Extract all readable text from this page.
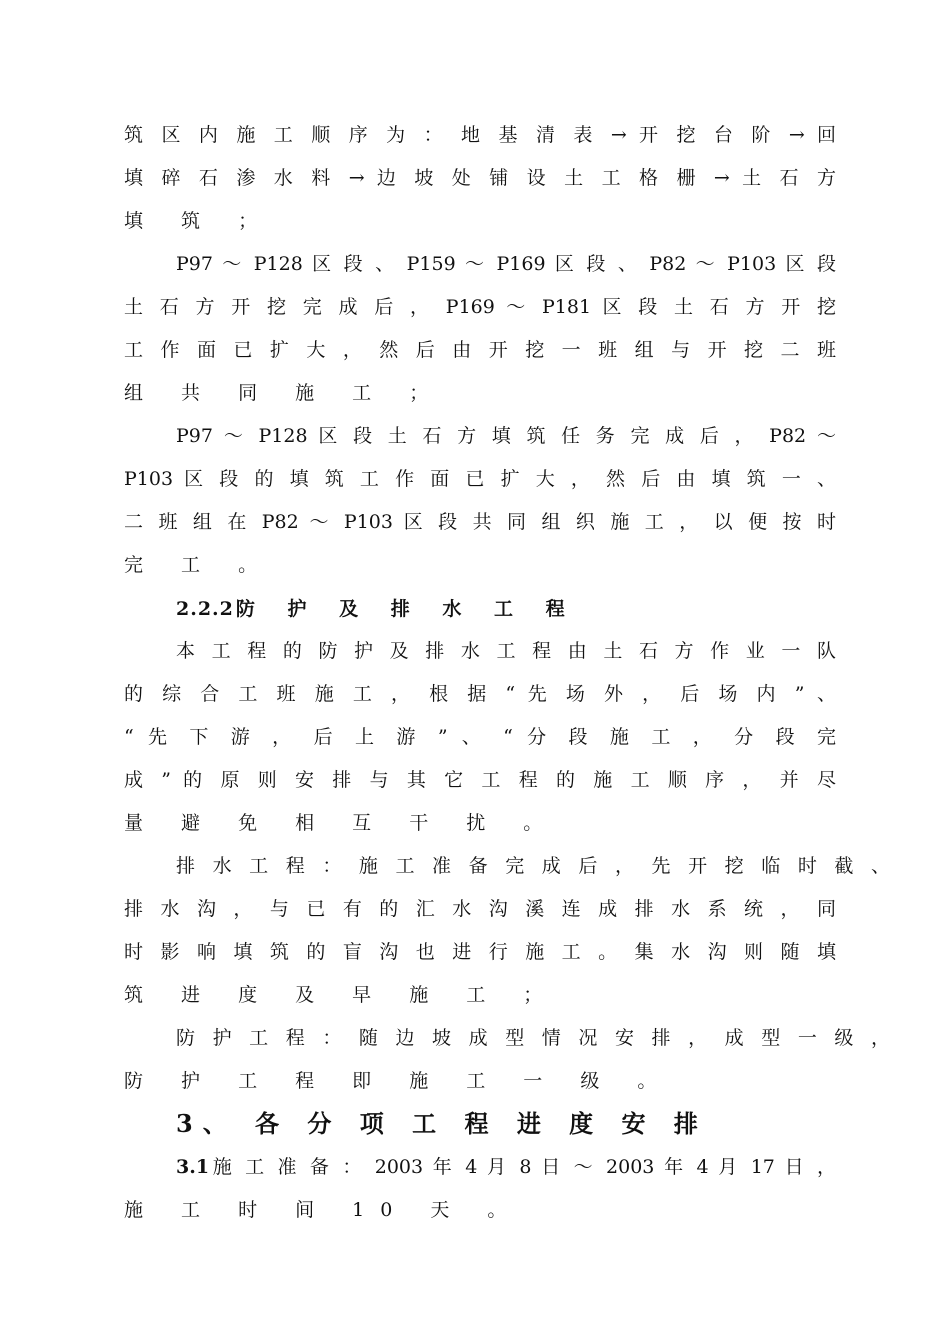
筑 区 内 施 工 顺 序 为 ： 地 基 清 表 → 开 挖 台 阶 → 回
填 碎 石 渗 水 料 → 边 坡 处 铺 设 土 工 格 栅 → 土 石 方
填 筑 ；
P97 ～ P128 区 段 、 P159 ～ P169 区 段 、 P82 ～ P103 区 段
土 石 方 开 挖 完 成 后 ， P169 ～ P181 区 段 土 石 方 开 挖
工 作 面 已 扩 大 ， 然 后 由 开 挖 一 班 组 与 开 挖 二 班
组 共 同 施 工 ；
P97 ～ P128 区 段 土 石 方 填 筑 任 务 完 成 后 ， P82 ～
P103 区 段 的 填 筑 工 作 面 已 扩 大 ， 然 后 由 填 筑 一 、
二 班 组 在 P82 ～ P103 区 段 共 同 组 织 施 工 ， 以 便 按 时
完 工 。
2.2.2 防 护 及 排 水 工 程
本 工 程 的 防 护 及 排 水 工 程 由 土 石 方 作 业 一 队
的 综 合 工 班 施 工 ， 根 据 “ 先 场 外 ， 后 场 内 ” 、
“ 先 下 游 ， 后 上 游 ” 、 “ 分 段 施 工 ， 分 段 完
成 ” 的 原 则 安 排 与 其 它 工 程 的 施 工 顺 序 ， 并 尽
量 避 免 相 互 干 扰 。
排 水 工 程 ： 施 工 准 备 完 成 后 ， 先 开 挖 临 时 截 、
排 水 沟 ， 与 已 有 的 汇 水 沟 溪 连 成 排 水 系 统 ， 同
时 影 响 填 筑 的 盲 沟 也 进 行 施 工 。 集 水 沟 则 随 填
筑 进 度 及 早 施 工 ；
防 护 工 程 ： 随 边 坡 成 型 情 况 安 排 ， 成 型 一 级 ，
防 护 工 程 即 施 工 一 级 。
3、 各 分 项 工 程 进 度 安 排
3.1施 工 准 备 ： 2003 年 4 月 8 日 ～ 2003 年 4 月 17 日 ，
施 工 时 间 10 天 。
